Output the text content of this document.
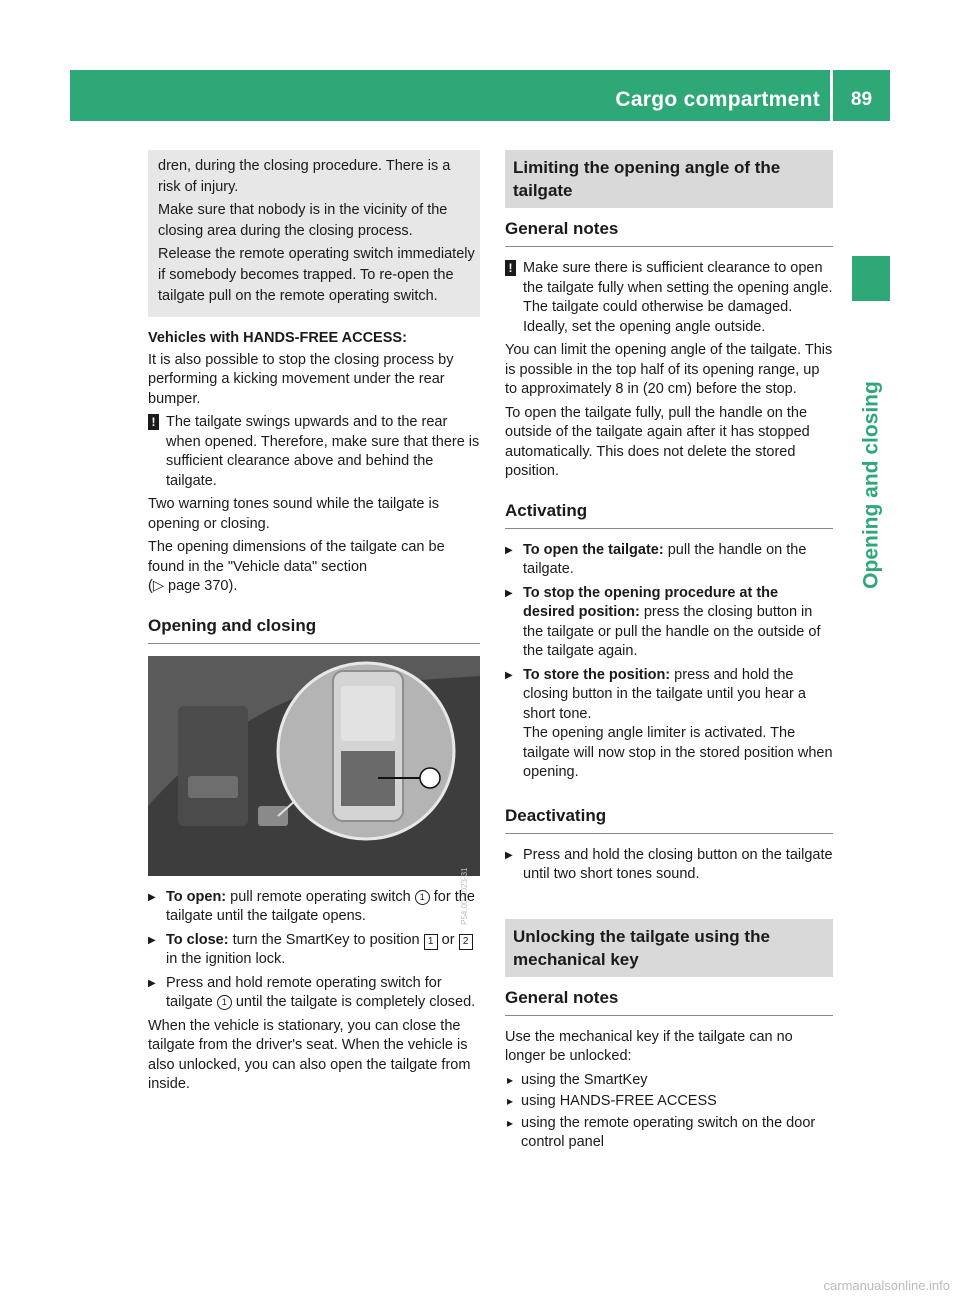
Cargo compartment	89
Opening and closing

dren, during the closing procedure. There is a risk of injury.

Make sure that nobody is in the vicinity of the closing area during the closing process.

Release the remote operating switch immediately if somebody becomes trapped. To re-open the tailgate pull on the remote operating switch.

Vehicles with HANDS-FREE ACCESS:

It is also possible to stop the closing process by performing a kicking movement under the rear bumper.

! The tailgate swings upwards and to the rear when opened. Therefore, make sure that there is sufficient clearance above and behind the tailgate.

Two warning tones sound while the tailgate is opening or closing.

The opening dimensions of the tailgate can be found in the "Vehicle data" section
(▷ page 370).

Opening and closing
P54.00-3023-31
▶ To open: pull remote operating switch 1 for the tailgate until the tailgate opens.
▶ To close: turn the SmartKey to position 1 or 2 in the ignition lock.
▶ Press and hold remote operating switch for tailgate 1 until the tailgate is completely closed.

When the vehicle is stationary, you can close the tailgate from the driver's seat. When the vehicle is also unlocked, you can also open the tailgate from inside.

Limiting the opening angle of the tailgate
General notes
! Make sure there is sufficient clearance to open the tailgate fully when setting the opening angle. The tailgate could otherwise be damaged. Ideally, set the opening angle outside.

You can limit the opening angle of the tailgate. This is possible in the top half of its opening range, up to approximately 8 in (20 cm) before the stop.

To open the tailgate fully, pull the handle on the outside of the tailgate again after it has stopped automatically. This does not delete the stored position.

Activating
▶ To open the tailgate: pull the handle on the tailgate.
▶ To stop the opening procedure at the desired position: press the closing button in the tailgate or pull the handle on the outside of the tailgate again.
▶ To store the position: press and hold the closing button in the tailgate until you hear a short tone.
The opening angle limiter is activated. The tailgate will now stop in the stored position when opening.
Deactivating
▶ Press and hold the closing button on the tailgate until two short tones sound.
Unlocking the tailgate using the mechanical key
General notes

Use the mechanical key if the tailgate can no longer be unlocked:

▸ using the SmartKey
▸ using HANDS-FREE ACCESS
▸ using the remote operating switch on the door control panel
carmanualsonline.info
